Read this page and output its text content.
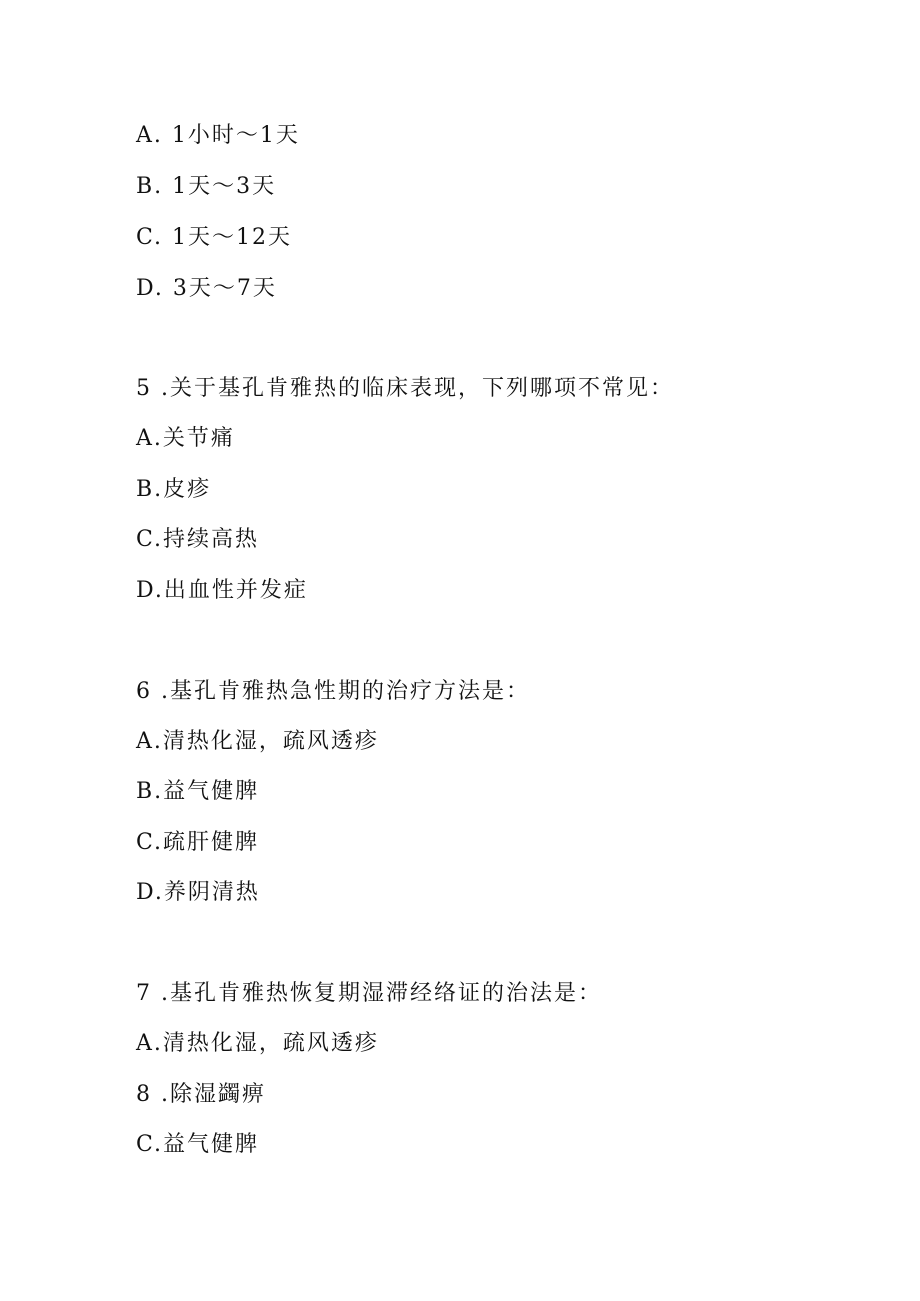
A. 1小时～1天
B. 1天～3天
C. 1天～12天
D. 3天～7天
5 .关于基孔肯雅热的临床表现，下列哪项不常见：
A.关节痛
B.皮疹
C.持续高热
D.出血性并发症
6 .基孔肯雅热急性期的治疗方法是：
A.清热化湿，疏风透疹
B.益气健脾
C.疏肝健脾
D.养阴清热
7 .基孔肯雅热恢复期湿滞经络证的治法是：
A.清热化湿，疏风透疹
8 .除湿蠲痹
C.益气健脾
